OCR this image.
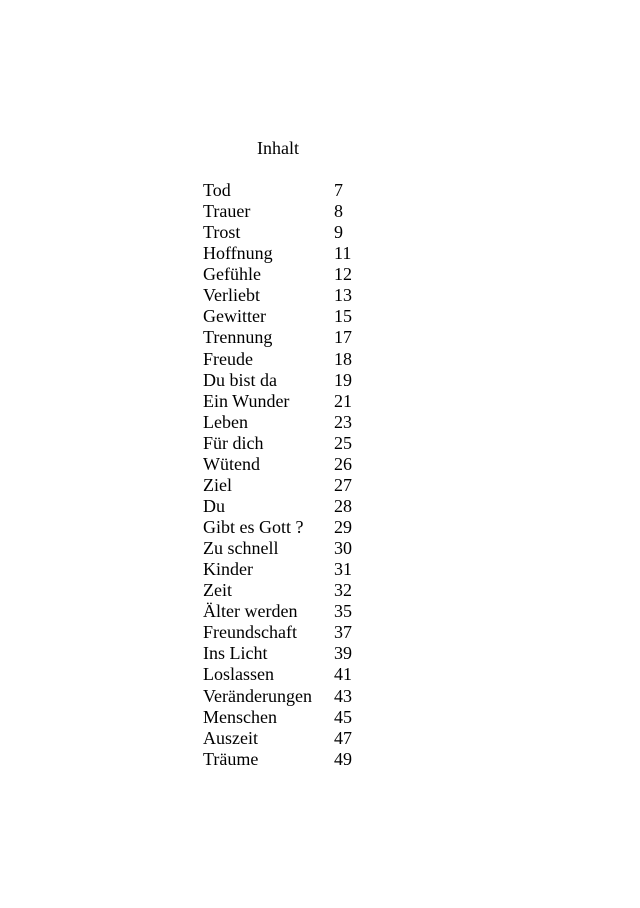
Inhalt
Tod	7
Trauer	8
Trost	9
Hoffnung	11
Gefühle	12
Verliebt	13
Gewitter	15
Trennung	17
Freude	18
Du bist da	19
Ein Wunder	21
Leben	23
Für dich	25
Wütend	26
Ziel	27
Du	28
Gibt es Gott ?	29
Zu schnell	30
Kinder	31
Zeit	32
Älter werden	35
Freundschaft	37
Ins Licht	39
Loslassen	41
Veränderungen	43
Menschen	45
Auszeit	47
Träume	49
